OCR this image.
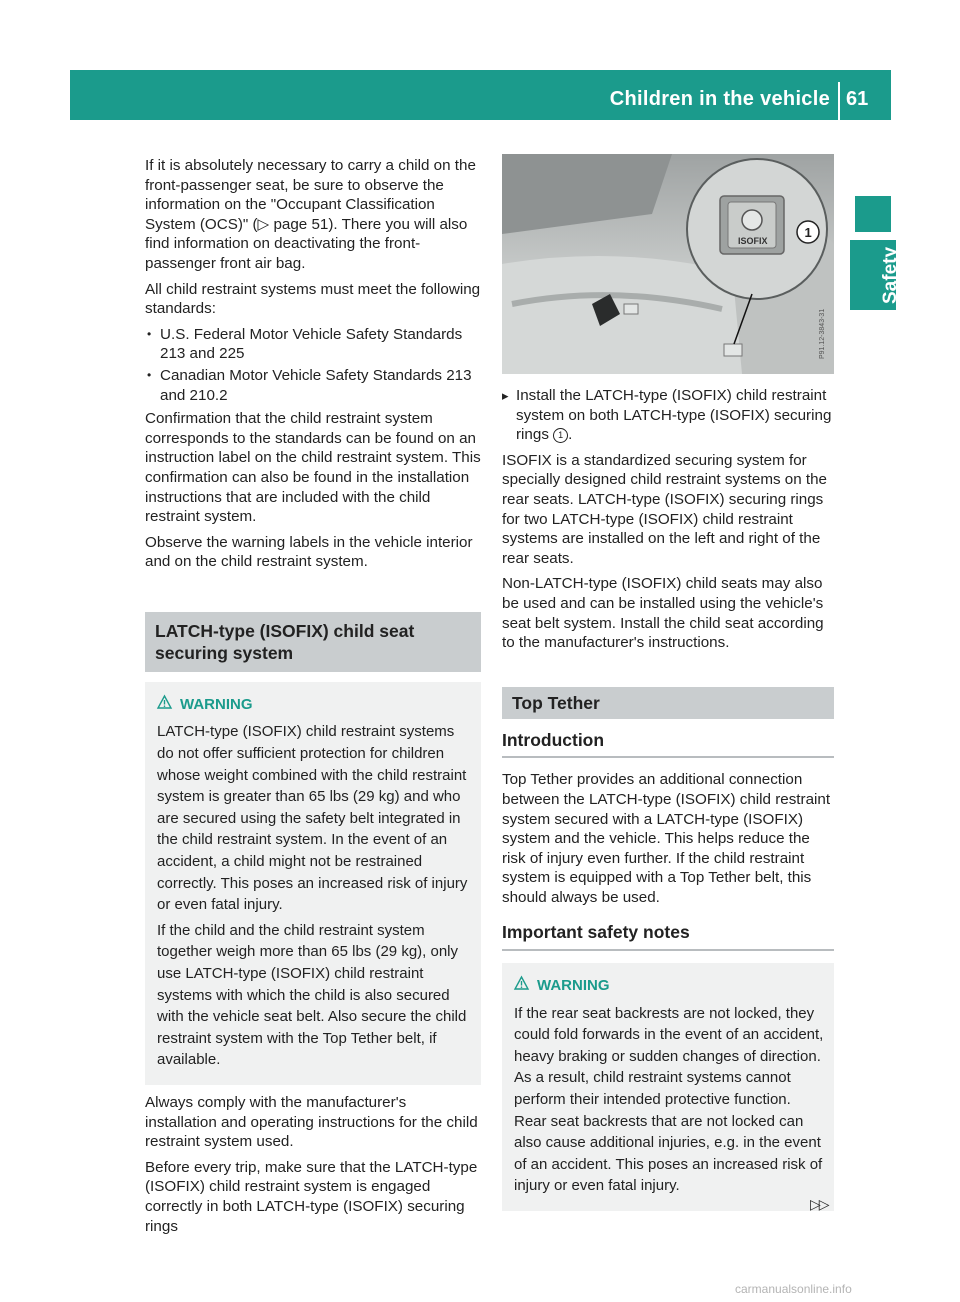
Children in the vehicle 61
Safety

If it is absolutely necessary to carry a child on the front-passenger seat, be sure to observe the information on the "Occupant Classification System (OCS)" (▷ page 51). There you will also find information on deactivating the front-passenger front air bag.

All child restraint systems must meet the following standards:

• U.S. Federal Motor Vehicle Safety Standards 213 and 225
• Canadian Motor Vehicle Safety Standards 213 and 210.2

Confirmation that the child restraint system corresponds to the standards can be found on an instruction label on the child restraint system. This confirmation can also be found in the installation instructions that are included with the child restraint system.

Observe the warning labels in the vehicle interior and on the child restraint system.

LATCH-type (ISOFIX) child seat securing system
WARNING

LATCH-type (ISOFIX) child restraint systems do not offer sufficient protection for children whose weight combined with the child restraint system is greater than 65 lbs (29 kg) and who are secured using the safety belt integrated in the child restraint system. In the event of an accident, a child might not be restrained correctly. This poses an increased risk of injury or even fatal injury.

If the child and the child restraint system together weigh more than 65 lbs (29 kg), only use LATCH-type (ISOFIX) child restraint systems with which the child is also secured with the vehicle seat belt. Also secure the child restraint system with the Top Tether belt, if available.

Always comply with the manufacturer's installation and operating instructions for the child restraint system used.

Before every trip, make sure that the LATCH-type (ISOFIX) child restraint system is engaged correctly in both LATCH-type (ISOFIX) securing rings

ISOFIX
1
P91.12-3843-31
▸ Install the LATCH-type (ISOFIX) child restraint system on both LATCH-type (ISOFIX) securing rings 1 .

ISOFIX is a standardized securing system for specially designed child restraint systems on the rear seats. LATCH-type (ISOFIX) securing rings for two LATCH-type (ISOFIX) child restraint systems are installed on the left and right of the rear seats.

Non-LATCH-type (ISOFIX) child seats may also be used and can be installed using the vehicle's seat belt system. Install the child seat according to the manufacturer's instructions.

Top Tether
Introduction

Top Tether provides an additional connection between the LATCH-type (ISOFIX) child restraint system secured with a LATCH-type (ISOFIX) system and the vehicle. This helps reduce the risk of injury even further. If the child restraint system is equipped with a Top Tether belt, this should always be used.

Important safety notes
WARNING

If the rear seat backrests are not locked, they could fold forwards in the event of an accident, heavy braking or sudden changes of direction. As a result, child restraint systems cannot perform their intended protective function. Rear seat backrests that are not locked can also cause additional injuries, e.g. in the event of an accident. This poses an increased risk of injury or even fatal injury.

▷▷
carmanualsonline.info
